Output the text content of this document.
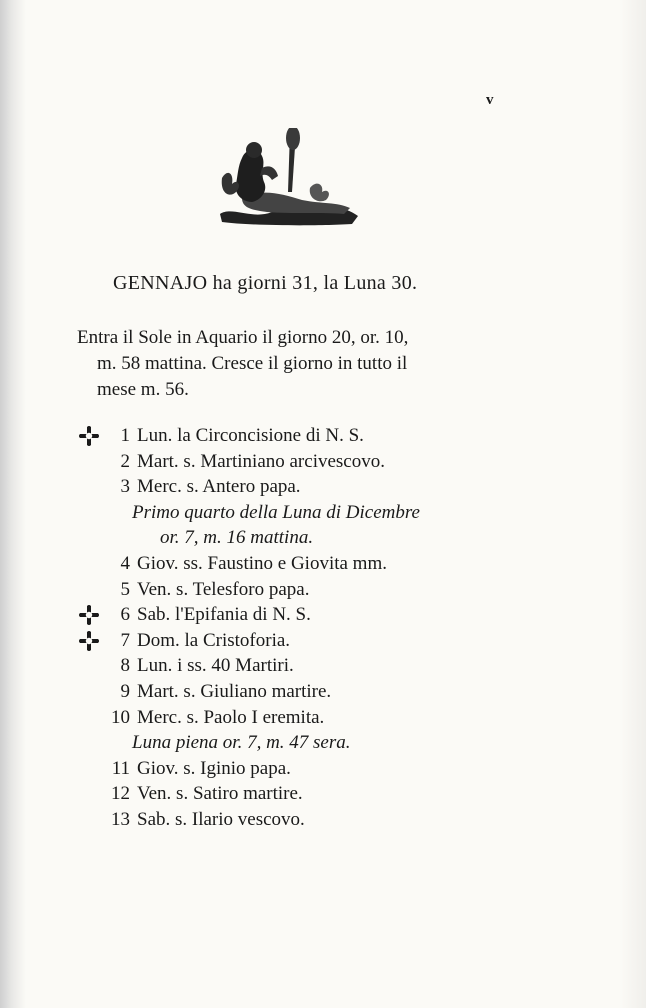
v
GENNAJO ha giorni 31, la Luna 30.
Entra il Sole in Aquario il giorno 20, or. 10,
m. 58 mattina. Cresce il giorno in tutto il
mese m. 56.
1 Lun. la Circoncisione di N. S.
2 Mart. s. Martiniano arcivescovo.
3 Merc. s. Antero papa.
Primo quarto della Luna di Dicembre
or. 7, m. 16 mattina.
4 Giov. ss. Faustino e Giovita mm.
5 Ven. s. Telesforo papa.
6 Sab. l'Epifania di N. S.
7 Dom. la Cristoforia.
8 Lun. i ss. 40 Martiri.
9 Mart. s. Giuliano martire.
10 Merc. s. Paolo I eremita.
Luna piena or. 7, m. 47 sera.
11 Giov. s. Iginio papa.
12 Ven. s. Satiro martire.
13 Sab. s. Ilario vescovo.
